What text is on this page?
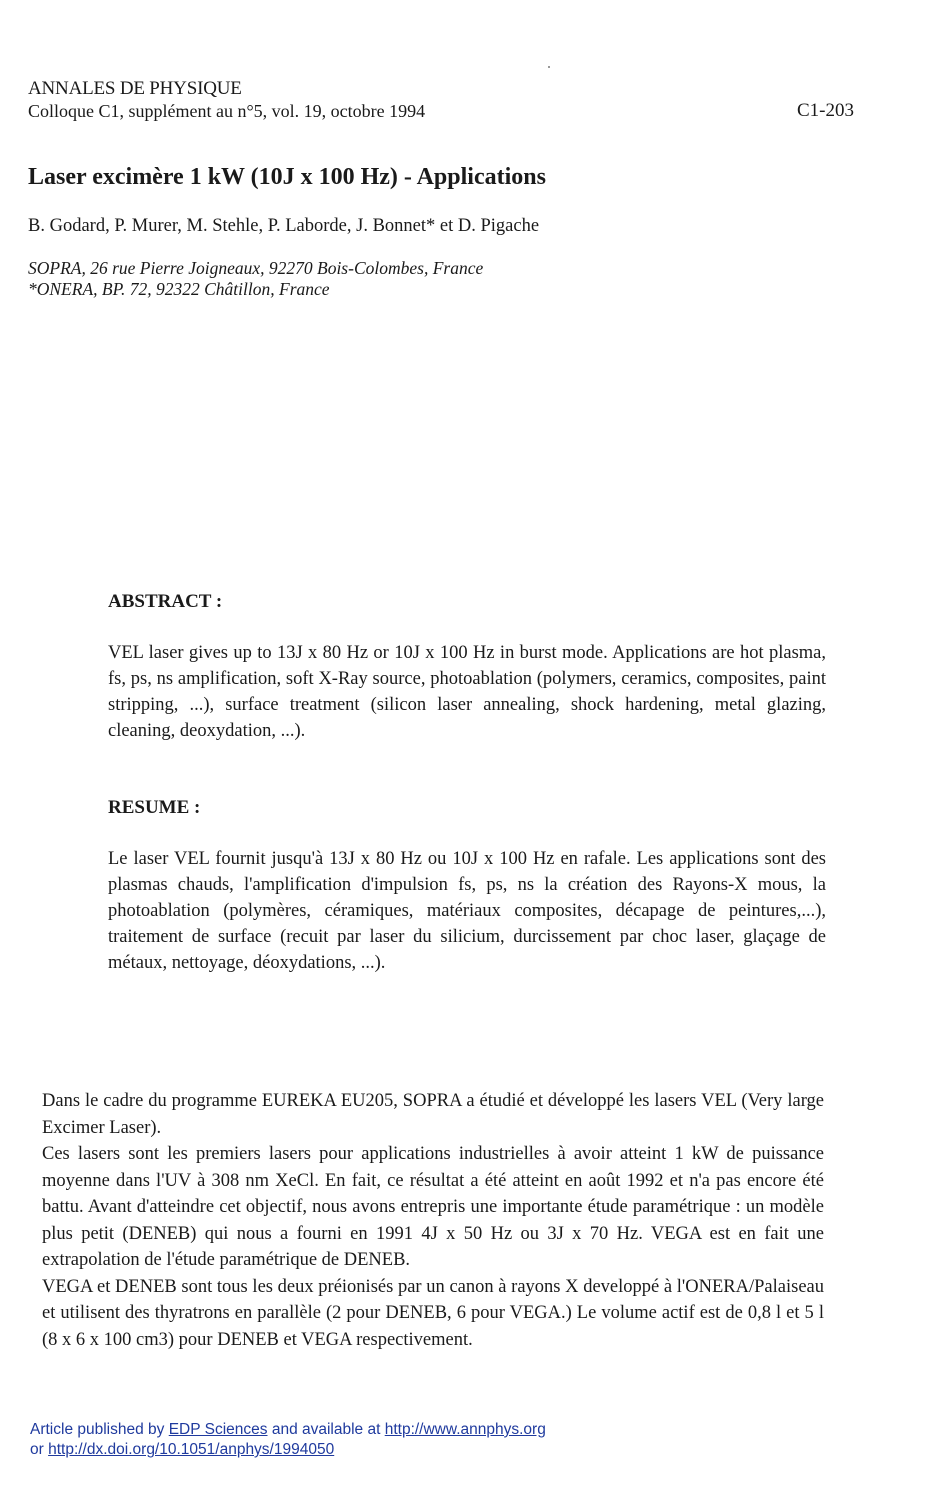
ANNALES DE PHYSIQUE
Colloque C1, supplément au n°5, vol. 19, octobre 1994	C1-203
Laser excimère 1 kW (10J x 100 Hz) - Applications
B. Godard, P. Murer, M. Stehle, P. Laborde, J. Bonnet* et D. Pigache
SOPRA, 26 rue Pierre Joigneaux, 92270 Bois-Colombes, France
*ONERA, BP. 72, 92322 Châtillon, France
ABSTRACT :

VEL laser gives up to 13J x 80 Hz or 10J x 100 Hz in burst mode. Applications are hot plasma, fs, ps, ns amplification, soft X-Ray source, photoablation (polymers, ceramics, composites, paint stripping, ...), surface treatment (silicon laser annealing, shock hardening, metal glazing, cleaning, deoxydation, ...).

RESUME :

Le laser VEL fournit jusqu'à 13J x 80 Hz ou 10J x 100 Hz en rafale. Les applications sont des plasmas chauds, l'amplification d'impulsion fs, ps, ns la création des Rayons-X mous, la photoablation (polymères, céramiques, matériaux composites, décapage de peintures,...), traitement de surface (recuit par laser du silicium, durcissement par choc laser, glaçage de métaux, nettoyage, déoxydations, ...).

Dans le cadre du programme EUREKA EU205, SOPRA a étudié et développé les lasers VEL (Very large Excimer Laser).

Ces lasers sont les premiers lasers pour applications industrielles à avoir atteint 1 kW de puissance moyenne dans l'UV à 308 nm XeCl. En fait, ce résultat a été atteint en août 1992 et n'a pas encore été battu. Avant d'atteindre cet objectif, nous avons entrepris une importante étude paramétrique : un modèle plus petit (DENEB) qui nous a fourni en 1991 4J x 50 Hz ou 3J x 70 Hz. VEGA est en fait une extrapolation de l'étude paramétrique de DENEB.

VEGA et DENEB sont tous les deux préionisés par un canon à rayons X developpé à l'ONERA/Palaiseau et utilisent des thyratrons en parallèle (2 pour DENEB, 6 pour VEGA.) Le volume actif est de 0,8 l et 5 l (8 x 6 x 100 cm3) pour DENEB et VEGA respectivement.

Article published by EDP Sciences and available at http://www.annphys.org
or http://dx.doi.org/10.1051/anphys/1994050
